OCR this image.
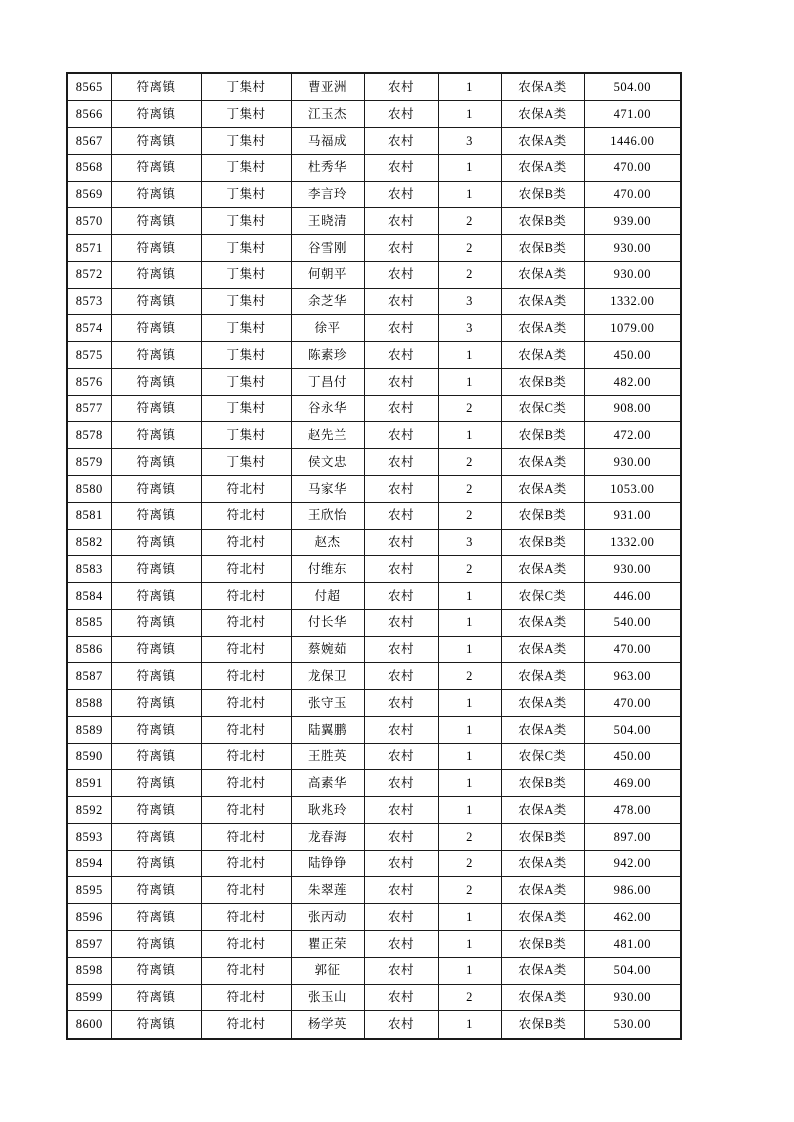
8565	符离镇	丁集村	曹亚洲	农村	1	农保A类	504.00
8566	符离镇	丁集村	江玉杰	农村	1	农保A类	471.00
8567	符离镇	丁集村	马福成	农村	3	农保A类	1446.00
8568	符离镇	丁集村	杜秀华	农村	1	农保A类	470.00
8569	符离镇	丁集村	李言玲	农村	1	农保B类	470.00
8570	符离镇	丁集村	王晓清	农村	2	农保B类	939.00
8571	符离镇	丁集村	谷雪刚	农村	2	农保B类	930.00
8572	符离镇	丁集村	何朝平	农村	2	农保A类	930.00
8573	符离镇	丁集村	余芝华	农村	3	农保A类	1332.00
8574	符离镇	丁集村	徐平	农村	3	农保A类	1079.00
8575	符离镇	丁集村	陈素珍	农村	1	农保A类	450.00
8576	符离镇	丁集村	丁昌付	农村	1	农保B类	482.00
8577	符离镇	丁集村	谷永华	农村	2	农保C类	908.00
8578	符离镇	丁集村	赵先兰	农村	1	农保B类	472.00
8579	符离镇	丁集村	侯文忠	农村	2	农保A类	930.00
8580	符离镇	符北村	马家华	农村	2	农保A类	1053.00
8581	符离镇	符北村	王欣怡	农村	2	农保B类	931.00
8582	符离镇	符北村	赵杰	农村	3	农保B类	1332.00
8583	符离镇	符北村	付维东	农村	2	农保A类	930.00
8584	符离镇	符北村	付超	农村	1	农保C类	446.00
8585	符离镇	符北村	付长华	农村	1	农保A类	540.00
8586	符离镇	符北村	蔡婉茹	农村	1	农保A类	470.00
8587	符离镇	符北村	龙保卫	农村	2	农保A类	963.00
8588	符离镇	符北村	张守玉	农村	1	农保A类	470.00
8589	符离镇	符北村	陆翼鹏	农村	1	农保A类	504.00
8590	符离镇	符北村	王胜英	农村	1	农保C类	450.00
8591	符离镇	符北村	高素华	农村	1	农保B类	469.00
8592	符离镇	符北村	耿兆玲	农村	1	农保A类	478.00
8593	符离镇	符北村	龙春海	农村	2	农保B类	897.00
8594	符离镇	符北村	陆铮铮	农村	2	农保A类	942.00
8595	符离镇	符北村	朱翠莲	农村	2	农保A类	986.00
8596	符离镇	符北村	张丙动	农村	1	农保A类	462.00
8597	符离镇	符北村	瞿正荣	农村	1	农保B类	481.00
8598	符离镇	符北村	郭征	农村	1	农保A类	504.00
8599	符离镇	符北村	张玉山	农村	2	农保A类	930.00
8600	符离镇	符北村	杨学英	农村	1	农保B类	530.00
